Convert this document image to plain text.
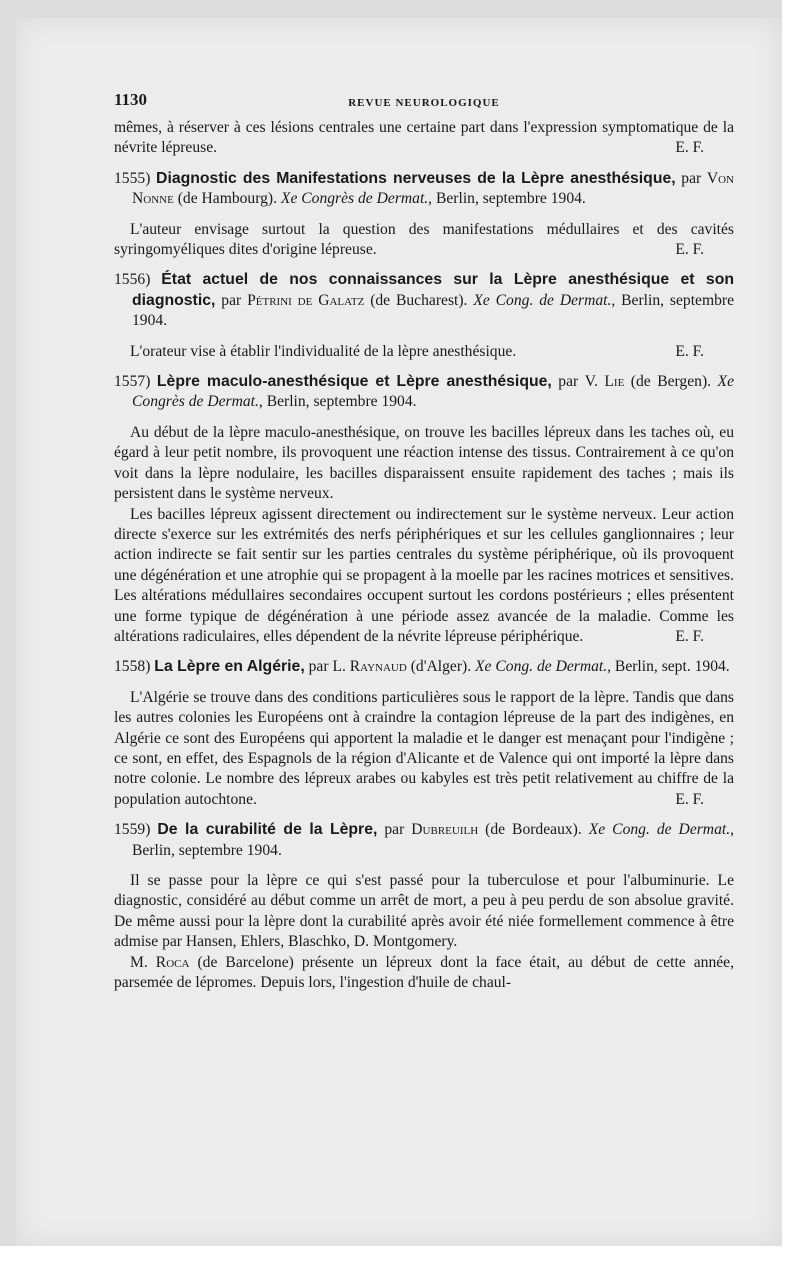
1130	REVUE NEUROLOGIQUE

mêmes, à réserver à ces lésions centrales une certaine part dans l'expression symptomatique de la névrite lépreuse.	E. F.

1555) Diagnostic des Manifestations nerveuses de la Lèpre anesthésique, par Von Nonne (de Hambourg). Xe Congrès de Dermat., Berlin, septembre 1904.

L'auteur envisage surtout la question des manifestations médullaires et des cavités syringomyéliques dites d'origine lépreuse.	E. F.

1556) État actuel de nos connaissances sur la Lèpre anesthésique et son diagnostic, par Pétrini de Galatz (de Bucharest). Xe Cong. de Dermat., Berlin, septembre 1904.

L'orateur vise à établir l'individualité de la lèpre anesthésique.	E. F.

1557) Lèpre maculo-anesthésique et Lèpre anesthésique, par V. Lie (de Bergen). Xe Congrès de Dermat., Berlin, septembre 1904.

Au début de la lèpre maculo-anesthésique, on trouve les bacilles lépreux dans les taches où, eu égard à leur petit nombre, ils provoquent une réaction intense des tissus. Contrairement à ce qu'on voit dans la lèpre nodulaire, les bacilles disparaissent ensuite rapidement des taches ; mais ils persistent dans le système nerveux.

Les bacilles lépreux agissent directement ou indirectement sur le système nerveux. Leur action directe s'exerce sur les extrémités des nerfs périphériques et sur les cellules ganglionnaires ; leur action indirecte se fait sentir sur les parties centrales du système périphérique, où ils provoquent une dégénération et une atrophie qui se propagent à la moelle par les racines motrices et sensitives. Les altérations médullaires secondaires occupent surtout les cordons postérieurs ; elles présentent une forme typique de dégénération à une période assez avancée de la maladie. Comme les altérations radiculaires, elles dépendent de la névrite lépreuse périphérique.	E. F.

1558) La Lèpre en Algérie, par L. Raynaud (d'Alger). Xe Cong. de Dermat., Berlin, sept. 1904.

L'Algérie se trouve dans des conditions particulières sous le rapport de la lèpre. Tandis que dans les autres colonies les Européens ont à craindre la contagion lépreuse de la part des indigènes, en Algérie ce sont des Européens qui apportent la maladie et le danger est menaçant pour l'indigène ; ce sont, en effet, des Espagnols de la région d'Alicante et de Valence qui ont importé la lèpre dans notre colonie. Le nombre des lépreux arabes ou kabyles est très petit relativement au chiffre de la population autochtone.	E. F.

1559) De la curabilité de la Lèpre, par Dubreuilh (de Bordeaux). Xe Cong. de Dermat., Berlin, septembre 1904.

Il se passe pour la lèpre ce qui s'est passé pour la tuberculose et pour l'albuminurie. Le diagnostic, considéré au début comme un arrêt de mort, a peu à peu perdu de son absolue gravité. De même aussi pour la lèpre dont la curabilité après avoir été niée formellement commence à être admise par Hansen, Ehlers, Blaschko, D. Montgomery.

M. Roca (de Barcelone) présente un lépreux dont la face était, au début de cette année, parsemée de lépromes. Depuis lors, l'ingestion d'huile de chaul-
